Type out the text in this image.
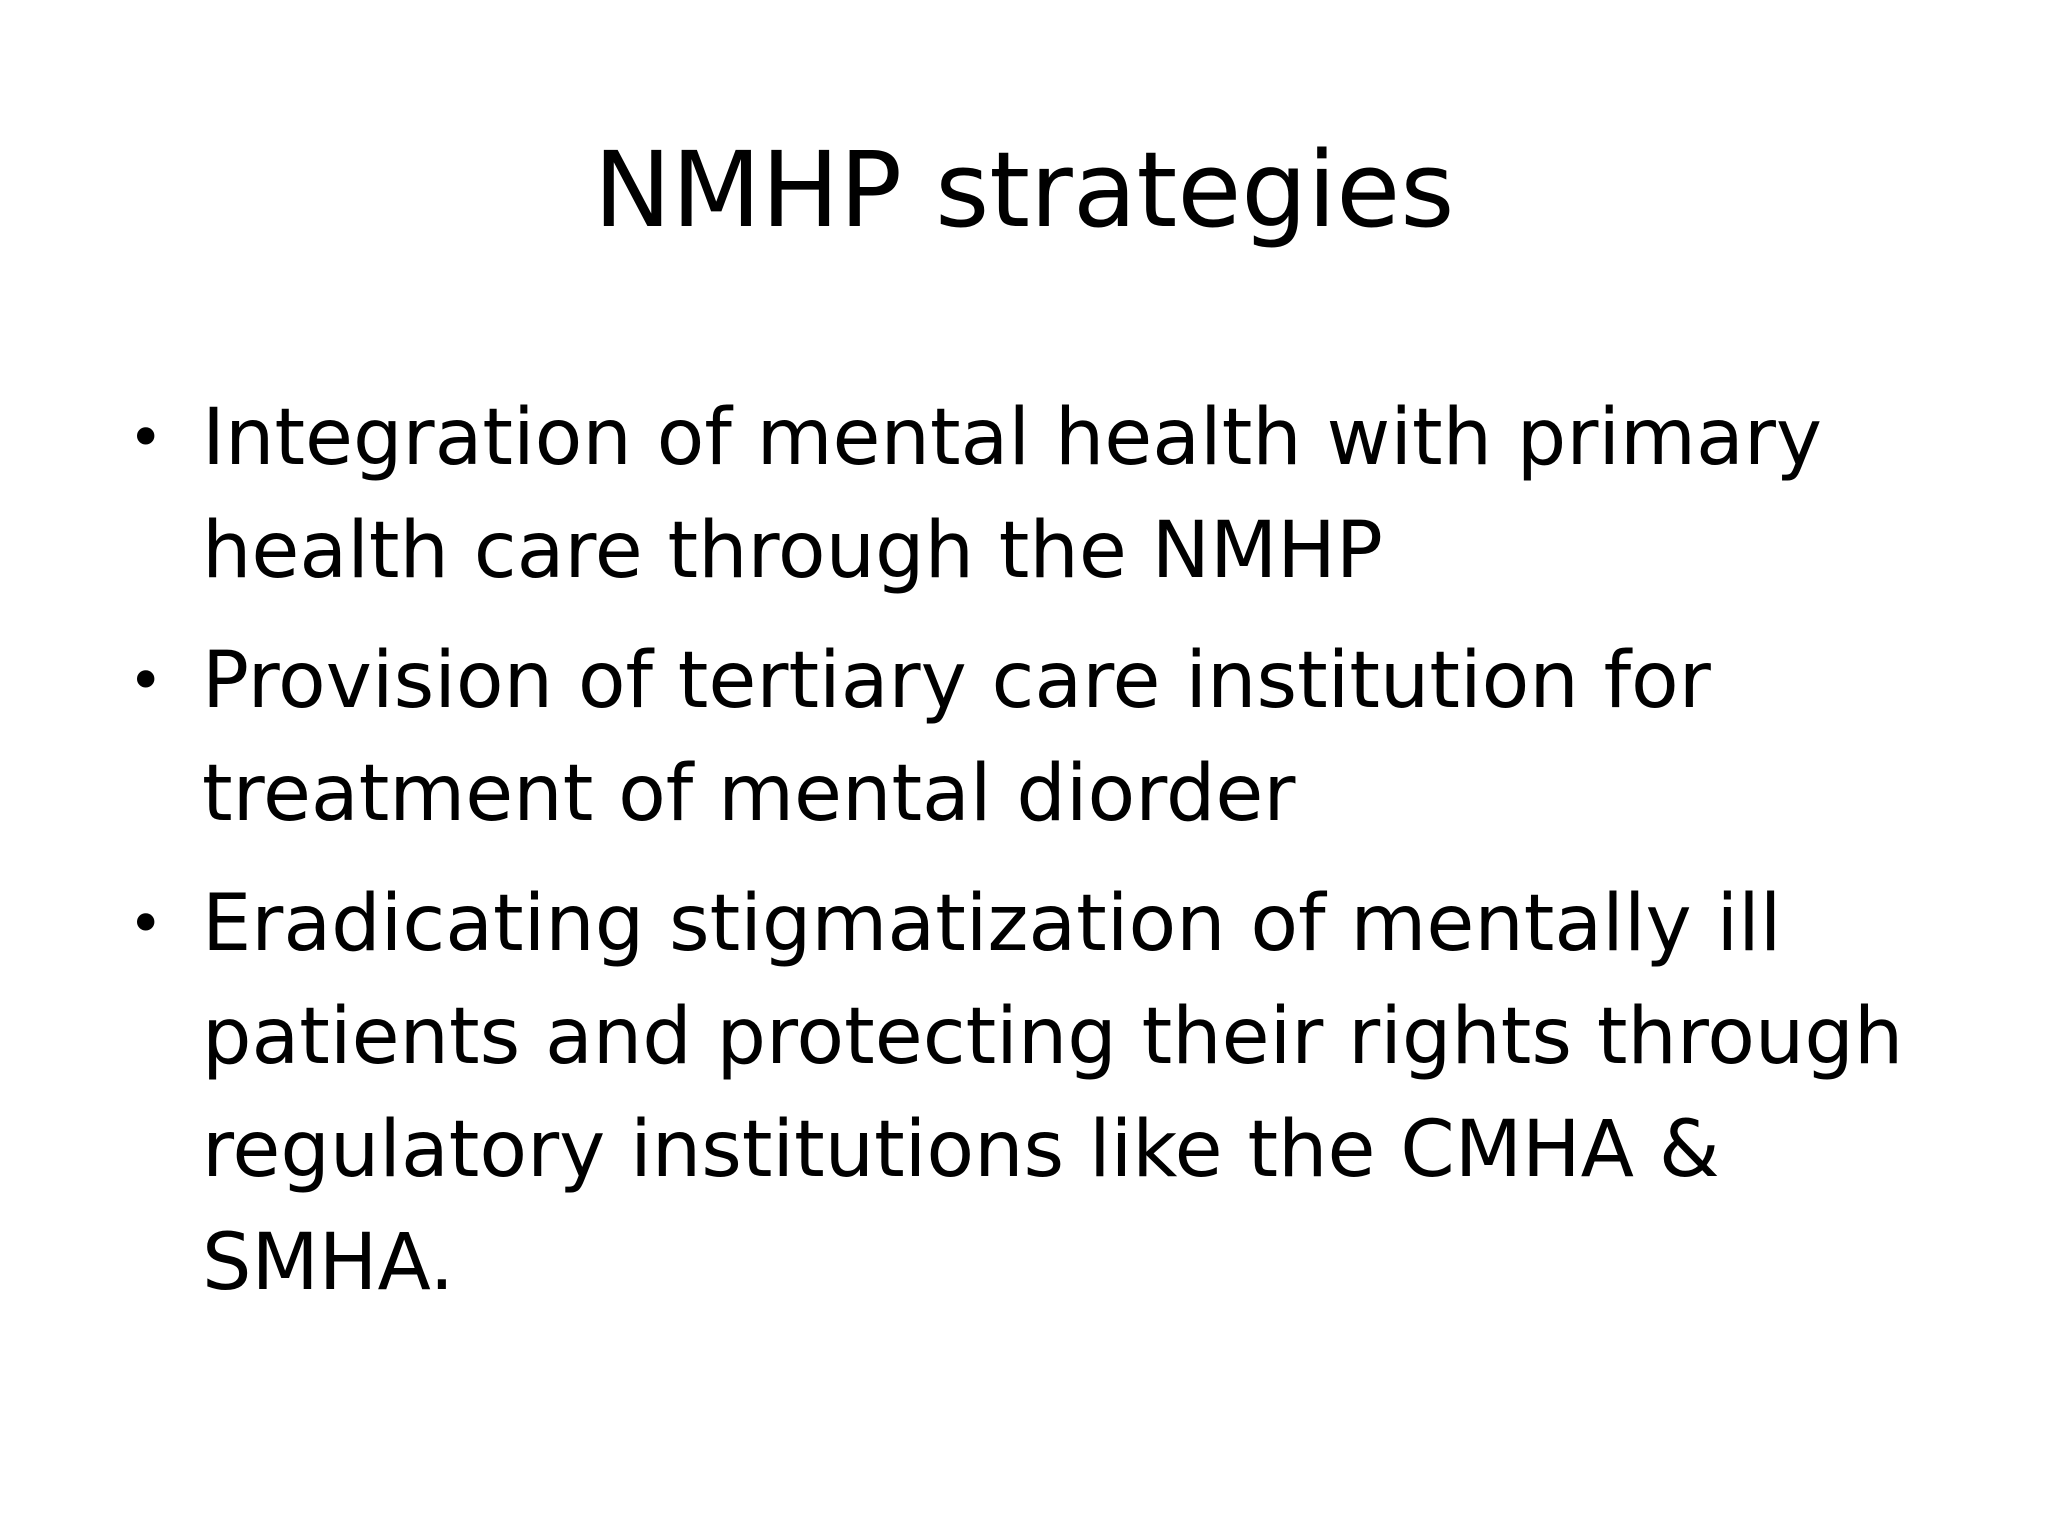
NMHP strategies
• Integration of mental health with primary
health care through the NMHP
• Provision of tertiary care institution for
treatment of mental diorder
• Eradicating stigmatization of mentally ill
patients and protecting their rights through
regulatory institutions like the CMHA & SMHA.
